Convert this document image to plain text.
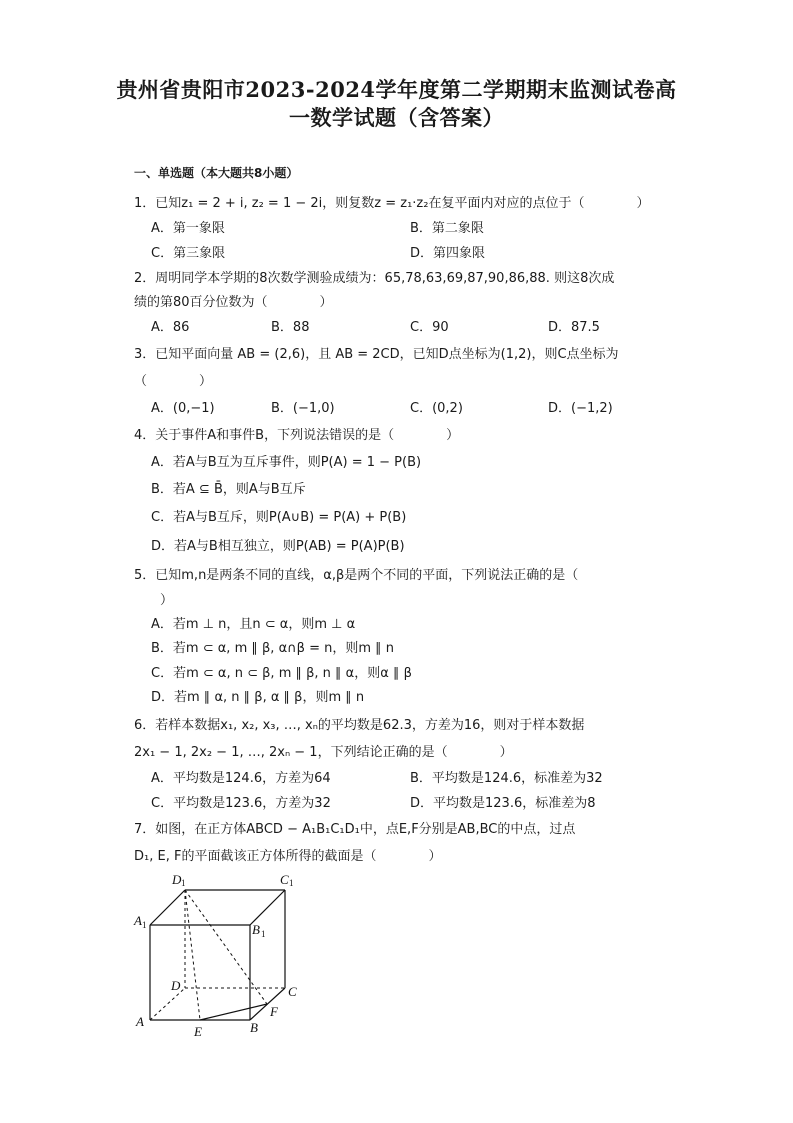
贵州省贵阳市2023-2024学年度第二学期期末监测试卷高
一数学试题（含答案）
一、单选题（本大题共8小题）
1．已知z₁ = 2 + i, z₂ = 1 − 2i，则复数z = z₁·z₂在复平面内对应的点位于（　　　　）
A．第一象限	B．第二象限
C．第三象限	D．第四象限
2．周明同学本学期的8次数学测验成绩为：65,78,63,69,87,90,86,88. 则这8次成
绩的第80百分位数为（　　　　）
A．86	B．88	C．90	D．87.5
3．已知平面向量 AB = (2,6)，且 AB = 2CD，已知D点坐标为(1,2)，则C点坐标为
（　　　　）
A．(0,−1)	B．(−1,0)	C．(0,2)	D．(−1,2)
4．关于事件A和事件B，下列说法错误的是（　　　　）
A．若A与B互为互斥事件，则P(A) = 1 − P(B)
B．若A ⊆ B̄，则A与B互斥
C．若A与B互斥，则P(A∪B) = P(A) + P(B)
D．若A与B相互独立，则P(AB) = P(A)P(B)
5．已知m,n是两条不同的直线，α,β是两个不同的平面，下列说法正确的是（
　　）
A．若m ⊥ n，且n ⊂ α，则m ⊥ α
B．若m ⊂ α, m ∥ β, α∩β = n，则m ∥ n
C．若m ⊂ α, n ⊂ β, m ∥ β, n ∥ α，则α ∥ β
D．若m ∥ α, n ∥ β, α ∥ β，则m ∥ n
6．若样本数据x₁, x₂, x₃, …, xₙ的平均数是62.3，方差为16，则对于样本数据
2x₁ − 1, 2x₂ − 1, …, 2xₙ − 1，下列结论正确的是（　　　　）
A．平均数是124.6，方差为64	B．平均数是124.6，标准差为32
C．平均数是123.6，方差为32	D．平均数是123.6，标准差为8
7．如图，在正方体ABCD − A₁B₁C₁D₁中，点E,F分别是AB,BC的中点，过点
D₁, E, F的平面截该正方体所得的截面是（　　　　）
D 1	C 1
A 1	B 1
D	C
A	B
E
F
